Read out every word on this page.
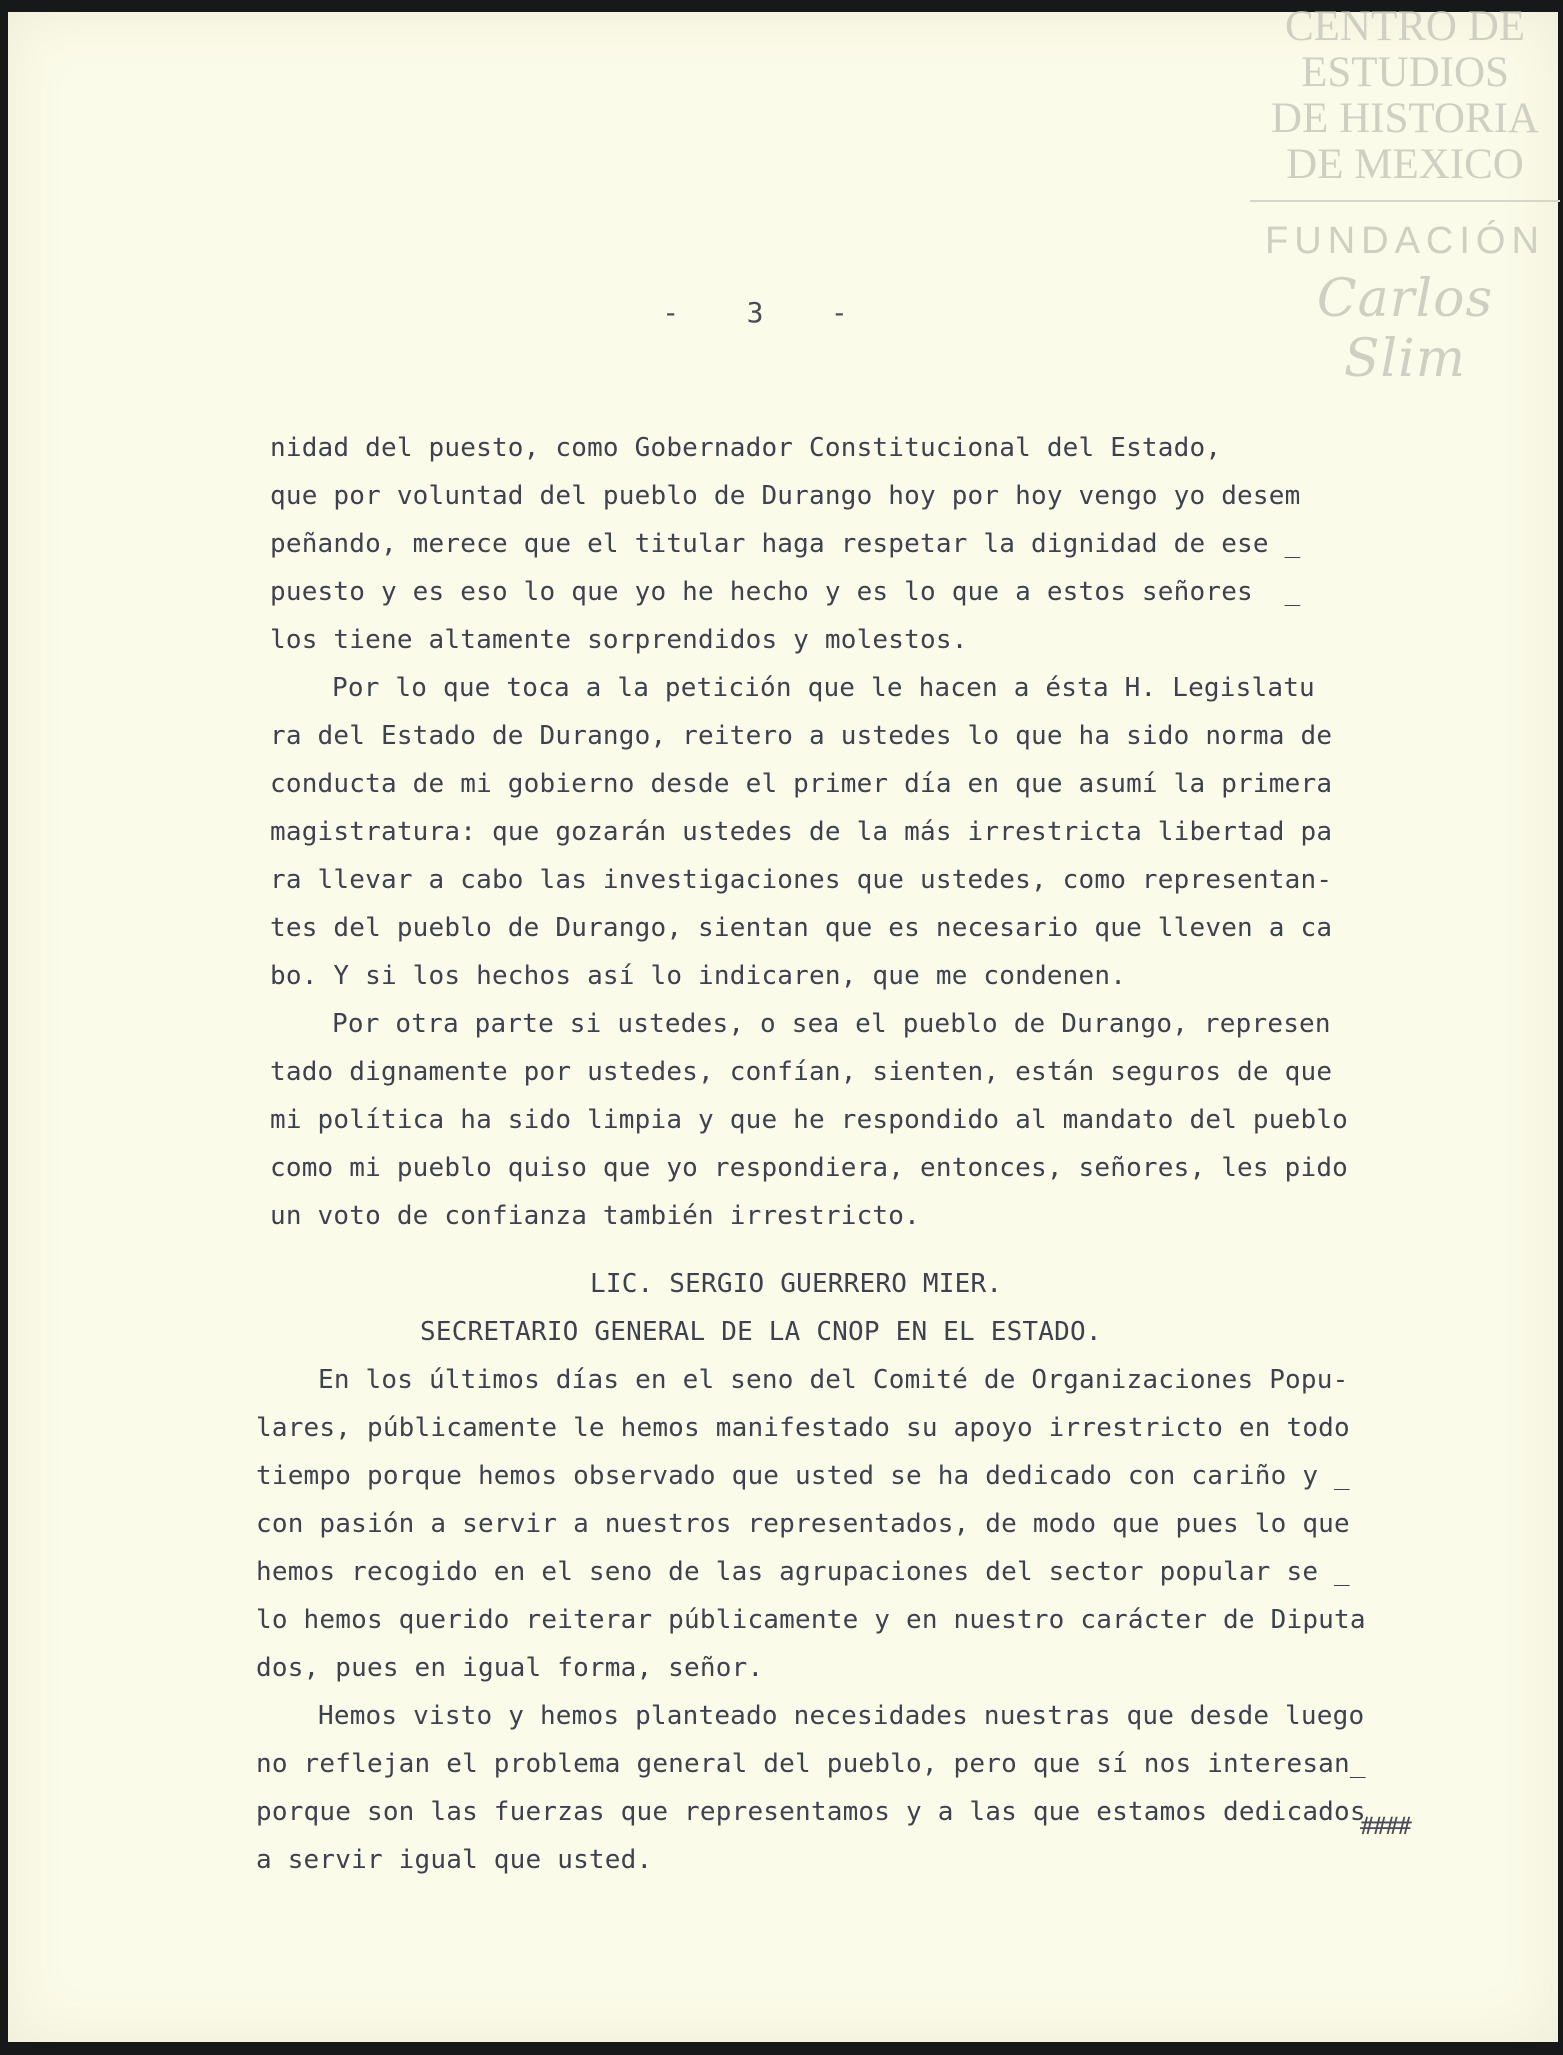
CENTRO DE
ESTUDIOS
DE HISTORIA
DE MEXICO
FUNDACIÓN
Carlos Slim
-    3    -
nidad del puesto, como Gobernador Constitucional del Estado,
que por voluntad del pueblo de Durango hoy por hoy vengo yo desem
peñando, merece que el titular haga respetar la dignidad de ese _
puesto y es eso lo que yo he hecho y es lo que a estos señores  _
los tiene altamente sorprendidos y molestos.
Por lo que toca a la petición que le hacen a ésta H. Legislatu
ra del Estado de Durango, reitero a ustedes lo que ha sido norma de
conducta de mi gobierno desde el primer día en que asumí la primera
magistratura: que gozarán ustedes de la más irrestricta libertad pa
ra llevar a cabo las investigaciones que ustedes, como representan-
tes del pueblo de Durango, sientan que es necesario que lleven a ca
bo. Y si los hechos así lo indicaren, que me condenen.
Por otra parte si ustedes, o sea el pueblo de Durango, represen
tado dignamente por ustedes, confían, sienten, están seguros de que
mi política ha sido limpia y que he respondido al mandato del pueblo
como mi pueblo quiso que yo respondiera, entonces, señores, les pido
un voto de confianza también irrestricto.
LIC. SERGIO GUERRERO MIER.
SECRETARIO GENERAL DE LA CNOP EN EL ESTADO.
En los últimos días en el seno del Comité de Organizaciones Popu-
lares, públicamente le hemos manifestado su apoyo irrestricto en todo
tiempo porque hemos observado que usted se ha dedicado con cariño y _
con pasión a servir a nuestros representados, de modo que pues lo que
hemos recogido en el seno de las agrupaciones del sector popular se _
lo hemos querido reiterar públicamente y en nuestro carácter de Diputa
dos, pues en igual forma, señor.
Hemos visto y hemos planteado necesidades nuestras que desde luego
no reflejan el problema general del pueblo, pero que sí nos interesan_
porque son las fuerzas que representamos y a las que estamos dedicados
a servir igual que usted.
####
